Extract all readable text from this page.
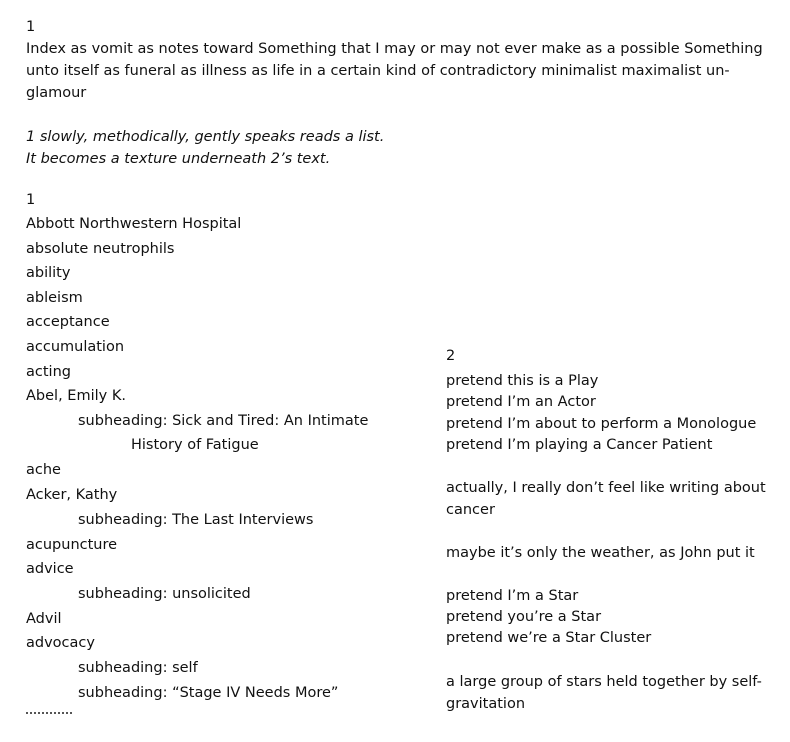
1
Index as vomit as notes toward Something that I may or may not ever make as a possible Something
unto itself as funeral as illness as life in a certain kind of contradictory minimalist maximalist un-
glamour
1 slowly, methodically, gently speaks reads a list.
It becomes a texture underneath 2’s text.
1
Abbott Northwestern Hospital
absolute neutrophils
ability
ableism
acceptance
accumulation
acting
Abel, Emily K.
subheading: Sick and Tired: An Intimate
History of Fatigue
ache
Acker, Kathy
subheading: The Last Interviews
acupuncture
advice
subheading: unsolicited
Advil
advocacy
subheading: self
subheading: “Stage IV Needs More”
2
pretend this is a Play
pretend I’m an Actor
pretend I’m about to perform a Monologue
pretend I’m playing a Cancer Patient
actually, I really don’t feel like writing about
cancer
maybe it’s only the weather, as John put it
pretend I’m a Star
pretend you’re a Star
pretend we’re a Star Cluster
a large group of stars held together by self-
gravitation
